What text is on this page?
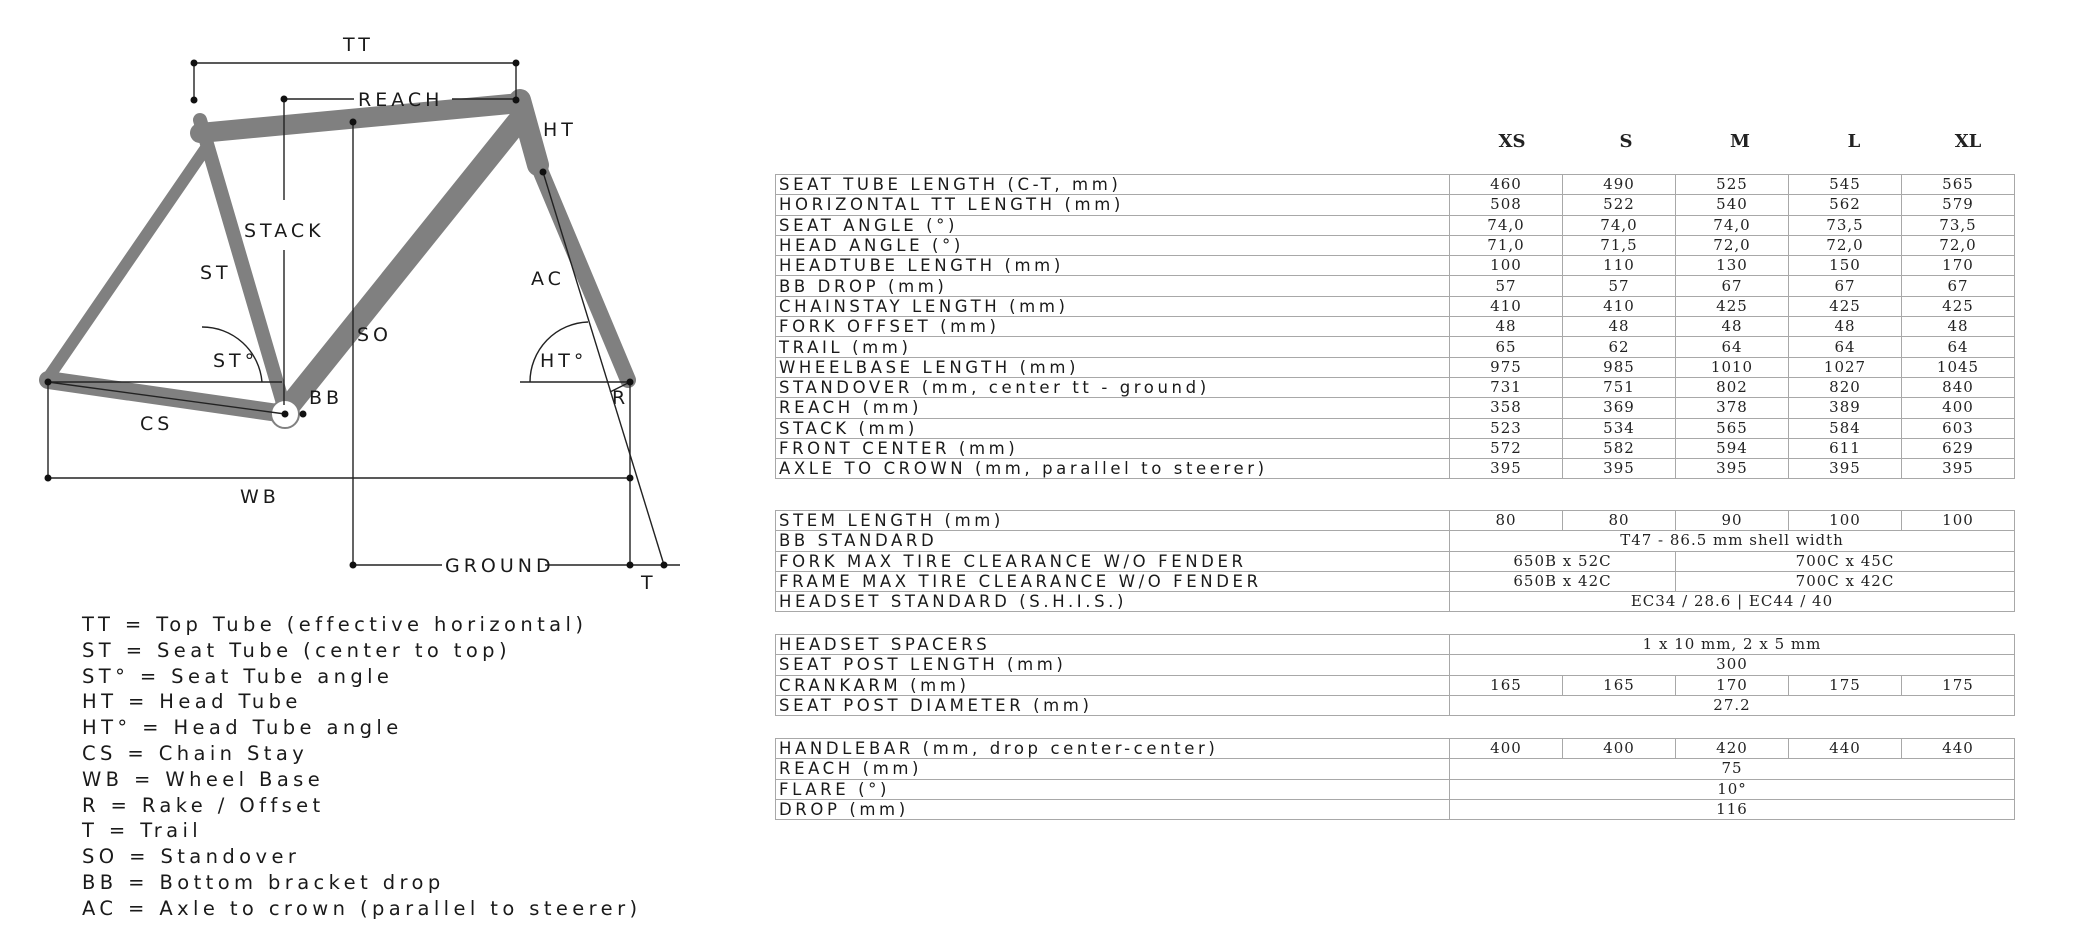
TT
REACH
HT
STACK
ST	AC
ST°	HT°
SO
BB	R
CS
WB
GROUND
T
TT = Top Tube (effective horizontal)
ST = Seat Tube (center to top)
ST° = Seat Tube angle
HT = Head Tube
HT° = Head Tube angle
CS = Chain Stay
WB = Wheel Base
R = Rake / Offset
T = Trail
SO = Standover
BB = Bottom bracket drop
AC = Axle to crown (parallel to steerer)
XS	S	M	L	XL
SEAT TUBE LENGTH (C-T, mm)	460	490	525	545	565
HORIZONTAL TT LENGTH (mm)	508	522	540	562	579
SEAT ANGLE (°)	74,0	74,0	74,0	73,5	73,5
HEAD ANGLE (°)	71,0	71,5	72,0	72,0	72,0
HEADTUBE LENGTH (mm)	100	110	130	150	170
BB DROP (mm)	57	57	67	67	67
CHAINSTAY LENGTH (mm)	410	410	425	425	425
FORK OFFSET (mm)	48	48	48	48	48
TRAIL (mm)	65	62	64	64	64
WHEELBASE LENGTH (mm)	975	985	1010	1027	1045
STANDOVER (mm, center tt - ground)	731	751	802	820	840
REACH (mm)	358	369	378	389	400
STACK (mm)	523	534	565	584	603
FRONT CENTER (mm)	572	582	594	611	629
AXLE TO CROWN (mm, parallel to steerer)	395	395	395	395	395
STEM LENGTH (mm)	80	80	90	100	100
BB STANDARD	T47 - 86.5 mm shell width				
FORK MAX TIRE CLEARANCE W/O FENDER	650B x 52C		700C x 45C		
FRAME MAX TIRE CLEARANCE W/O FENDER	650B x 42C		700C x 42C		
HEADSET STANDARD (S.H.I.S.)	EC34 / 28.6 | EC44 / 40				
HEADSET SPACERS	1 x 10 mm, 2 x 5 mm				
SEAT POST LENGTH (mm)	300				
CRANKARM (mm)	165	165	170	175	175
SEAT POST DIAMETER (mm)	27.2				
HANDLEBAR (mm, drop center-center)	400	400	420	440	440
REACH (mm)	75				
FLARE (°)	10°				
DROP (mm)	116				
